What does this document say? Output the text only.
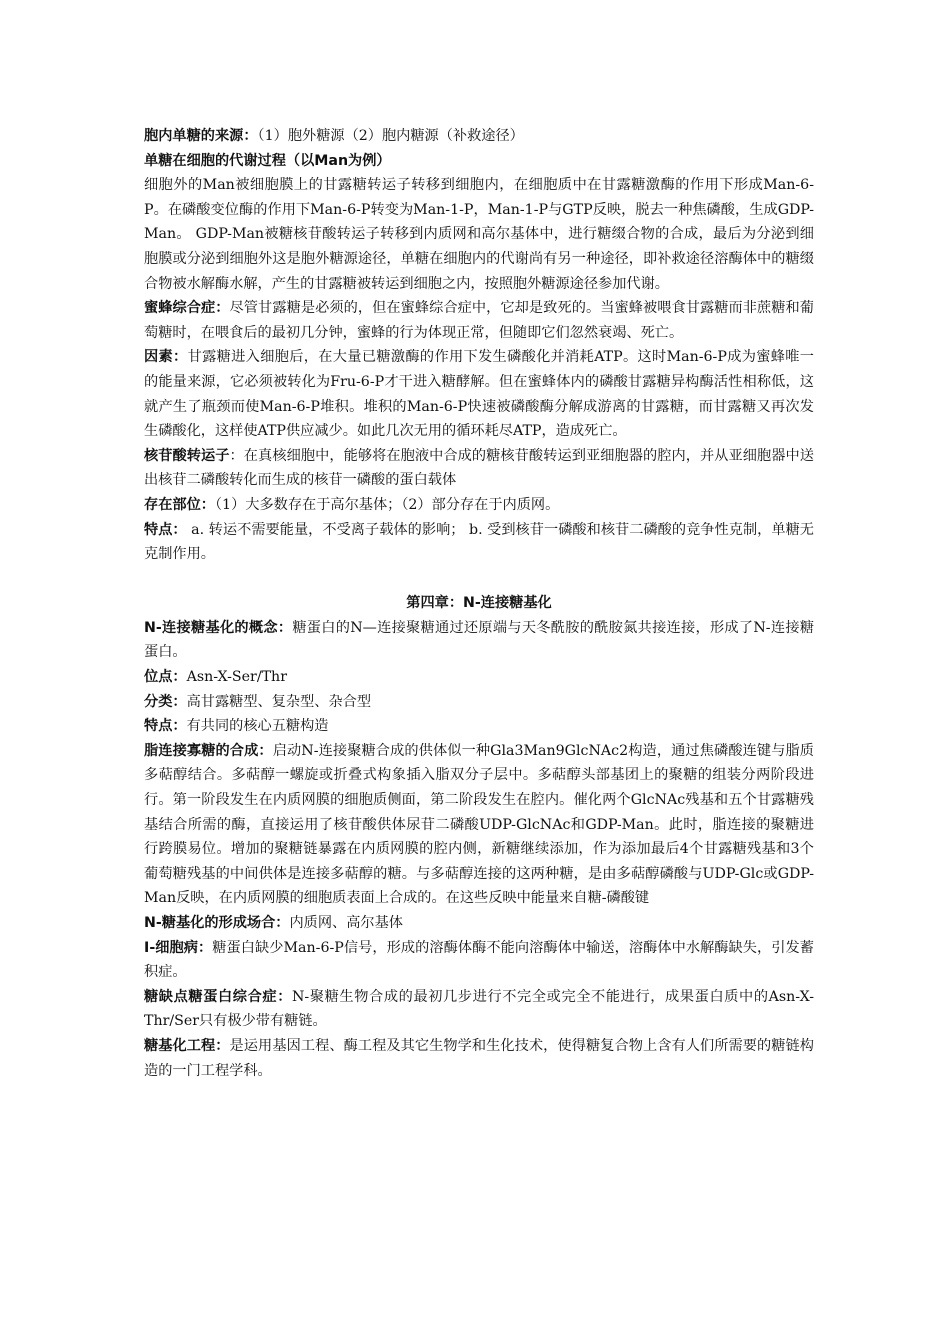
胞内单糖的来源：（1）胞外糖源（2）胞内糖源（补救途径）

单糖在细胞的代谢过程（以Man为例）

细胞外的Man被细胞膜上的甘露糖转运子转移到细胞内，在细胞质中在甘露糖激酶的作用下形成Man-6-P。在磷酸变位酶的作用下Man-6-P转变为Man-1-P，Man-1-P与GTP反映，脱去一种焦磷酸，生成GDP-Man。 GDP-Man被糖核苷酸转运子转移到内质网和高尔基体中，进行糖缀合物的合成，最后为分泌到细胞膜或分泌到细胞外这是胞外糖源途径，单糖在细胞内的代谢尚有另一种途径，即补救途径溶酶体中的糖缀合物被水解酶水解，产生的甘露糖被转运到细胞之内，按照胞外糖源途径参加代谢。

蜜蜂综合症：尽管甘露糖是必须的，但在蜜蜂综合症中，它却是致死的。当蜜蜂被喂食甘露糖而非蔗糖和葡萄糖时，在喂食后的最初几分钟，蜜蜂的行为体现正常，但随即它们忽然衰竭、死亡。

因素：甘露糖进入细胞后，在大量已糖激酶的作用下发生磷酸化并消耗ATP。这时Man-6-P成为蜜蜂唯一的能量来源，它必须被转化为Fru-6-P才干进入糖酵解。但在蜜蜂体内的磷酸甘露糖异构酶活性相称低，这就产生了瓶颈而使Man-6-P堆积。堆积的Man-6-P快速被磷酸酶分解成游离的甘露糖，而甘露糖又再次发生磷酸化，这样使ATP供应减少。如此几次无用的循环耗尽ATP，造成死亡。

核苷酸转运子：在真核细胞中，能够将在胞液中合成的糖核苷酸转运到亚细胞器的腔内，并从亚细胞器中送出核苷二磷酸转化而生成的核苷一磷酸的蛋白载体

存在部位：（1）大多数存在于高尔基体；（2）部分存在于内质网。

特点： a. 转运不需要能量，不受离子载体的影响； b. 受到核苷一磷酸和核苷二磷酸的竞争性克制，单糖无克制作用。

第四章：N-连接糖基化

N-连接糖基化的概念：糖蛋白的N—连接聚糖通过还原端与天冬酰胺的酰胺氮共接连接，形成了N-连接糖蛋白。

位点：Asn-X-Ser/Thr

分类：高甘露糖型、复杂型、杂合型

特点：有共同的核心五糖构造

脂连接寡糖的合成：启动N-连接聚糖合成的供体似一种Gla3Man9GlcNAc2构造，通过焦磷酸连键与脂质多萜醇结合。多萜醇一螺旋或折叠式构象插入脂双分子层中。多萜醇头部基团上的聚糖的组装分两阶段进行。第一阶段发生在内质网膜的细胞质侧面，第二阶段发生在腔内。催化两个GlcNAc残基和五个甘露糖残基结合所需的酶，直接运用了核苷酸供体尿苷二磷酸UDP-GlcNAc和GDP-Man。此时，脂连接的聚糖进行跨膜易位。增加的聚糖链暴露在内质网膜的腔内侧，新糖继续添加，作为添加最后4个甘露糖残基和3个葡萄糖残基的中间供体是连接多萜醇的糖。与多萜醇连接的这两种糖，是由多萜醇磷酸与UDP-Glc或GDP-Man反映，在内质网膜的细胞质表面上合成的。在这些反映中能量来自糖-磷酸键

N-糖基化的形成场合：内质网、高尔基体

Ⅰ-细胞病：糖蛋白缺少Man-6-P信号，形成的溶酶体酶不能向溶酶体中输送，溶酶体中水解酶缺失，引发蓄积症。

糖缺点糖蛋白综合症：N-聚糖生物合成的最初几步进行不完全或完全不能进行，成果蛋白质中的Asn-X-Thr/Ser只有极少带有糖链。

糖基化工程：是运用基因工程、酶工程及其它生物学和生化技术，使得糖复合物上含有人们所需要的糖链构造的一门工程学科。
